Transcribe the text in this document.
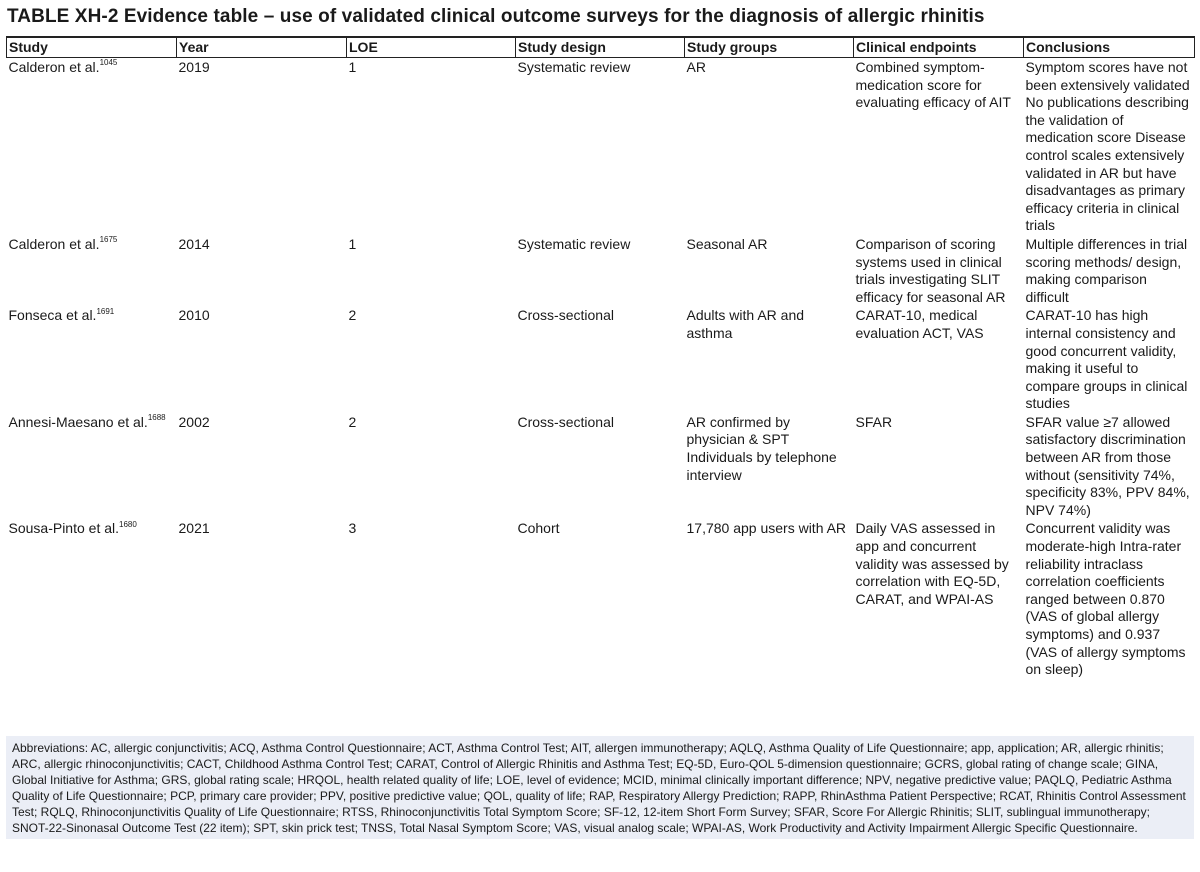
TABLE XH-2 Evidence table – use of validated clinical outcome surveys for the diagnosis of allergic rhinitis
Study	Year	LOE	Study design	Study groups	Clinical endpoints	Conclusions
Calderon et al.$^{1045}$	2019	1	Systematic review	AR	Combined symptom-medication score for evaluating efficacy of AIT	Symptom scores have not been extensively validated No publications describing the validation of medication score Disease control scales extensively validated in AR but have disadvantages as primary efficacy criteria in clinical trials
Calderon et al.$^{1675}$	2014	1	Systematic review	Seasonal AR	Comparison of scoring systems used in clinical trials investigating SLIT efficacy for seasonal AR	Multiple differences in trial scoring methods/ design, making comparison difficult
Fonseca et al.$^{1691}$	2010	2	Cross-sectional	Adults with AR and asthma	CARAT-10, medical evaluation ACT, VAS	CARAT-10 has high internal consistency and good concurrent validity, making it useful to compare groups in clinical studies
Annesi-Maesano et al.$^{1688}$	2002	2	Cross-sectional	AR confirmed by physician & SPT Individuals by telephone interview	SFAR	SFAR value ≥7 allowed satisfactory discrimination between AR from those without (sensitivity 74%, specificity 83%, PPV 84%, NPV 74%)
Sousa-Pinto et al.$^{1680}$	2021	3	Cohort	17,780 app users with AR	Daily VAS assessed in app and concurrent validity was assessed by correlation with EQ-5D, CARAT, and WPAI-AS	Concurrent validity was moderate-high Intra-rater reliability intraclass correlation coefficients ranged between 0.870 (VAS of global allergy symptoms) and 0.937 (VAS of allergy symptoms on sleep)
Abbreviations: AC, allergic conjunctivitis; ACQ, Asthma Control Questionnaire; ACT, Asthma Control Test; AIT, allergen immunotherapy; AQLQ, Asthma Quality of Life Questionnaire; app, application; AR, allergic rhinitis; ARC, allergic rhinoconjunctivitis; CACT, Childhood Asthma Control Test; CARAT, Control of Allergic Rhinitis and Asthma Test; EQ-5D, Euro-QOL 5-dimension questionnaire; GCRS, global rating of change scale; GINA, Global Initiative for Asthma; GRS, global rating scale; HRQOL, health related quality of life; LOE, level of evidence; MCID, minimal clinically important difference; NPV, negative predictive value; PAQLQ, Pediatric Asthma Quality of Life Questionnaire; PCP, primary care provider; PPV, positive predictive value; QOL, quality of life; RAP, Respiratory Allergy Prediction; RAPP, RhinAsthma Patient Perspective; RCAT, Rhinitis Control Assessment Test; RQLQ, Rhinoconjunctivitis Quality of Life Questionnaire; RTSS, Rhinoconjunctivitis Total Symptom Score; SF-12, 12-item Short Form Survey; SFAR, Score For Allergic Rhinitis; SLIT, sublingual immunotherapy; SNOT-22-Sinonasal Outcome Test (22 item); SPT, skin prick test; TNSS, Total Nasal Symptom Score; VAS, visual analog scale; WPAI-AS, Work Productivity and Activity Impairment Allergic Specific Questionnaire.
